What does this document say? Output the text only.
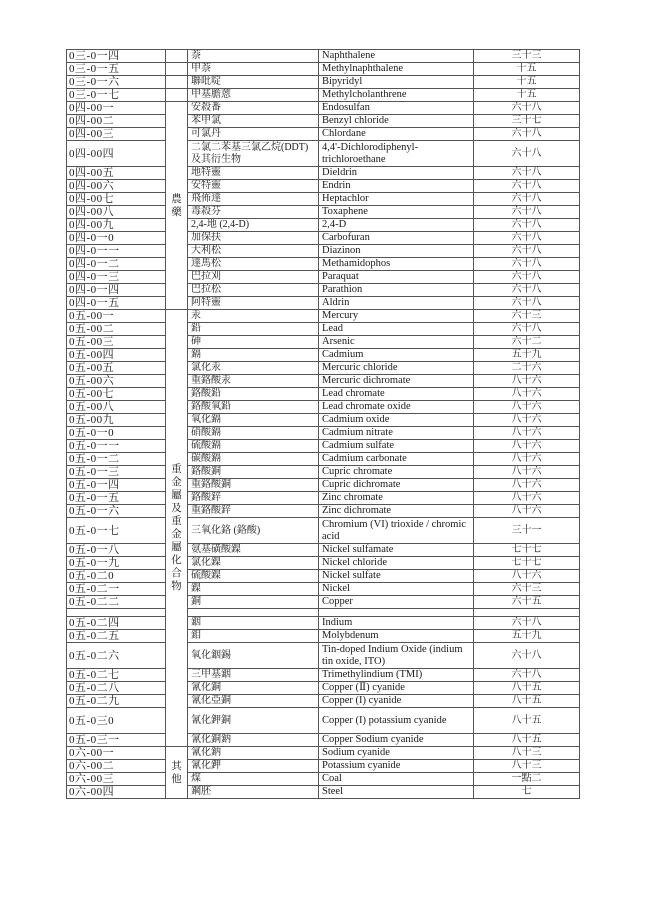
0三-0一四		萘	Naphthalene	三十三
0三-0一五		甲萘	Methylnaphthalene	十五
0三-0一六		聯吡啶	Bipyridyl	十五
0三-0一七		甲基膽蒽	Methylcholanthrene	十五
0四-00一	農藥	安殺番	Endosulfan	六十八
0四-00二		苯甲氯	Benzyl chloride	三十七
0四-00三		可氯丹	Chlordane	六十八
0四-00四		二氯二苯基三氯乙烷(DDT)及其衍生物	4,4'-Dichlorodiphenyl-trichloroethane	六十八
0四-00五		地特靈	Dieldrin	六十八
0四-00六		安特靈	Endrin	六十八
0四-00七		飛佈達	Heptachlor	六十八
0四-00八		毒殺芬	Toxaphene	六十八
0四-00九		2,4-地 (2,4-D)	2,4-D	六十八
0四-0一0		加保扶	Carbofuran	六十八
0四-0一一		大利松	Diazinon	六十八
0四-0一二		達馬松	Methamidophos	六十八
0四-0一三		巴拉刈	Paraquat	六十八
0四-0一四		巴拉松	Parathion	六十八
0四-0一五		阿特靈	Aldrin	六十八
0五-00一	重金屬及重金屬化合物	汞	Mercury	六十三
0五-00二		鉛	Lead	六十八
0五-00三		砷	Arsenic	六十二
0五-00四		鎘	Cadmium	五十九
0五-00五		氯化汞	Mercuric chloride	二十六
0五-00六		重鉻酸汞	Mercuric dichromate	八十六
0五-00七		鉻酸鉛	Lead chromate	八十六
0五-00八		鉻酸氧鉛	Lead chromate oxide	八十六
0五-00九		氧化鎘	Cadmium oxide	八十六
0五-0一0		硝酸鎘	Cadmium nitrate	八十六
0五-0一一		硫酸鎘	Cadmium sulfate	八十六
0五-0一二		碳酸鎘	Cadmium carbonate	八十六
0五-0一三		鉻酸銅	Cupric chromate	八十六
0五-0一四		重鉻酸銅	Cupric dichromate	八十六
0五-0一五		鉻酸鋅	Zinc chromate	八十六
0五-0一六		重鉻酸鋅	Zinc dichromate	八十六
0五-0一七		三氧化鉻 (鉻酸)	Chromium (VI) trioxide / chromic acid	三十一
0五-0一八		氨基磺酸鎳	Nickel sulfamate	七十七
0五-0一九		氯化鎳	Nickel chloride	七十七
0五-0二0		硫酸鎳	Nickel sulfate	八十六
0五-0二一		鎳	Nickel	六十三
0五-0二二		銅	Copper	六十五

0五-0二四		銦	Indium	六十八
0五-0二五		鉬	Molybdenum	五十九
0五-0二六		氧化銦錫	Tin-doped Indium Oxide (indium tin oxide, ITO)	六十八
0五-0二七		三甲基銦	Trimethylindium (TMI)	六十八
0五-0二八		氰化銅	Copper (Ⅱ) cyanide	八十五
0五-0二九		氰化亞銅	Copper (I) cyanide	八十五
0五-0三0		氰化鉀銅	Copper (I) potassium cyanide	八十五
0五-0三一		氰化銅鈉	Copper Sodium cyanide	八十五
0六-00一	其他	氰化鈉	Sodium cyanide	八十三
0六-00二		氰化鉀	Potassium cyanide	八十三
0六-00三		煤	Coal	一點二
0六-00四		鋼胚	Steel	七
